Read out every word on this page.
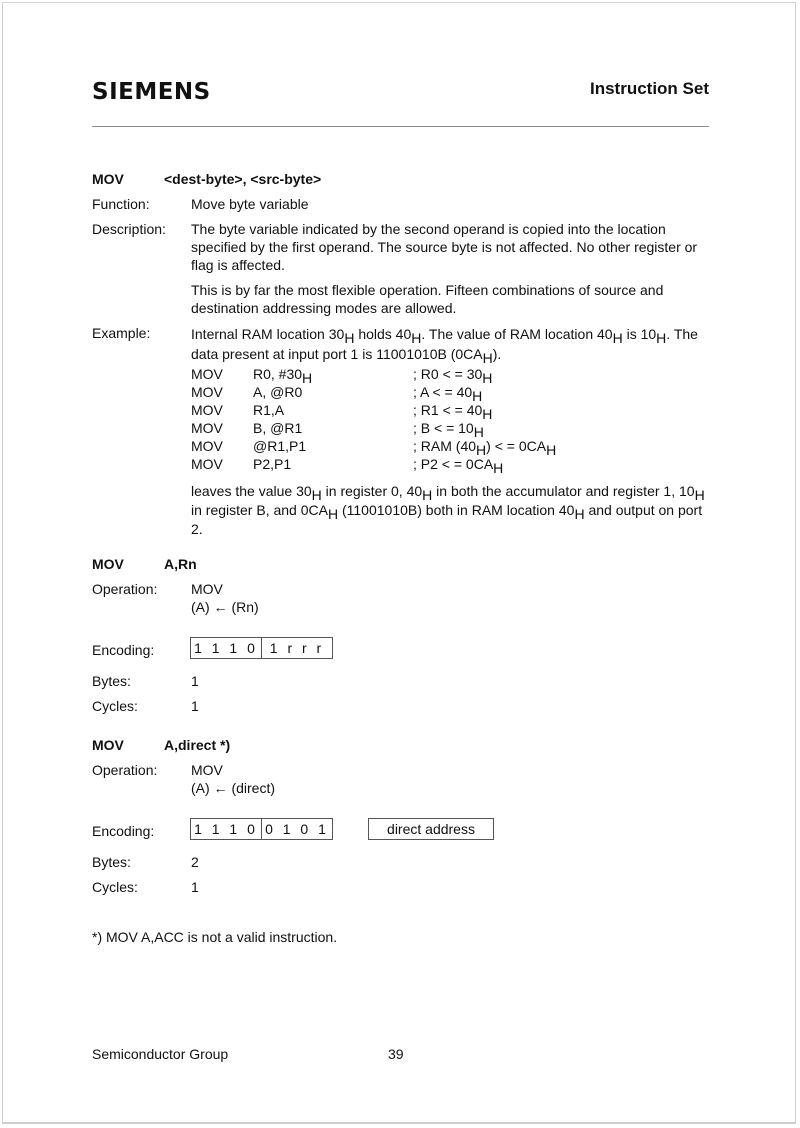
SIEMENS	Instruction Set
MOV	<dest-byte>, <src-byte>
Function:	Move byte variable
Description: The byte variable indicated by the second operand is copied into the location specified by the first operand. The source byte is not affected. No other register or flag is affected.
This is by far the most flexible operation. Fifteen combinations of source and destination addressing modes are allowed.
Example:	Internal RAM location $30_H$ holds $40_H$. The value of RAM location $40_H$ is $10_H$. The data present at input port 1 is 11001010B $(0CA_H)$.
MOV R0, $\#30_H$	; R0 < = $30_H$
MOV A, @R0	; A < = $40_H$
MOV R1,A	; R1 < = $40_H$
MOV B, @R1	; B < = $10_H$
MOV @R1,P1	; RAM $(40_H)$ < = $0CA_H$
MOV P2,P1	; P2 < = $0CA_H$
leaves the value $30_H$ in register 0, $40_H$ in both the accumulator and register 1, $10_H$ in register B, and $0CA_H$ (11001010B) both in RAM location $40_H$ and output on port 2.
MOV	A,Rn
Operation: MOV
(A) ← (Rn)
Encoding:	1 1 1 0 1 r r r
Bytes:	1
Cycles:	1
MOV	A,direct *)
Operation: MOV
(A) ← (direct)
Encoding:	1 1 1 0 0 1 0 1	direct address
Bytes:	2
Cycles:	1
*) MOV A,ACC is not a valid instruction.
Semiconductor Group	39
